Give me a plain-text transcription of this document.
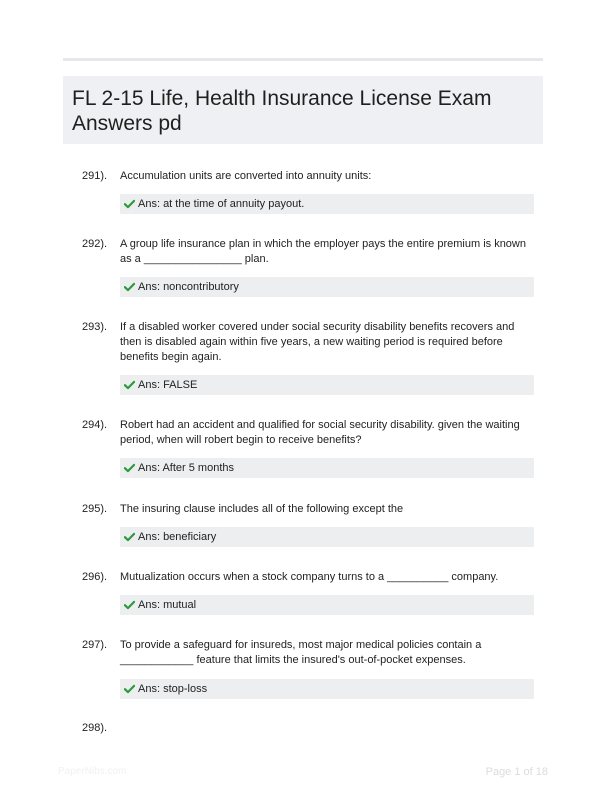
FL 2-15 Life, Health Insurance License Exam
Answers pd
291). Accumulation units are converted into annuity units:
Ans: at the time of annuity payout.
292). A group life insurance plan in which the employer pays the entire premium is known as a ________________ plan.
Ans: noncontributory
293). If a disabled worker covered under social security disability benefits recovers and then is disabled again within five years, a new waiting period is required before benefits begin again.
Ans: FALSE
294). Robert had an accident and qualified for social security disability. given the waiting period, when will robert begin to receive benefits?
Ans: After 5 months
295). The insuring clause includes all of the following except the
Ans: beneficiary
296). Mutualization occurs when a stock company turns to a __________ company.
Ans: mutual
297). To provide a safeguard for insureds, most major medical policies contain a ____________ feature that limits the insured's out-of-pocket expenses.
Ans: stop-loss
298).
PaperNibs.com	Page 1 of 18
